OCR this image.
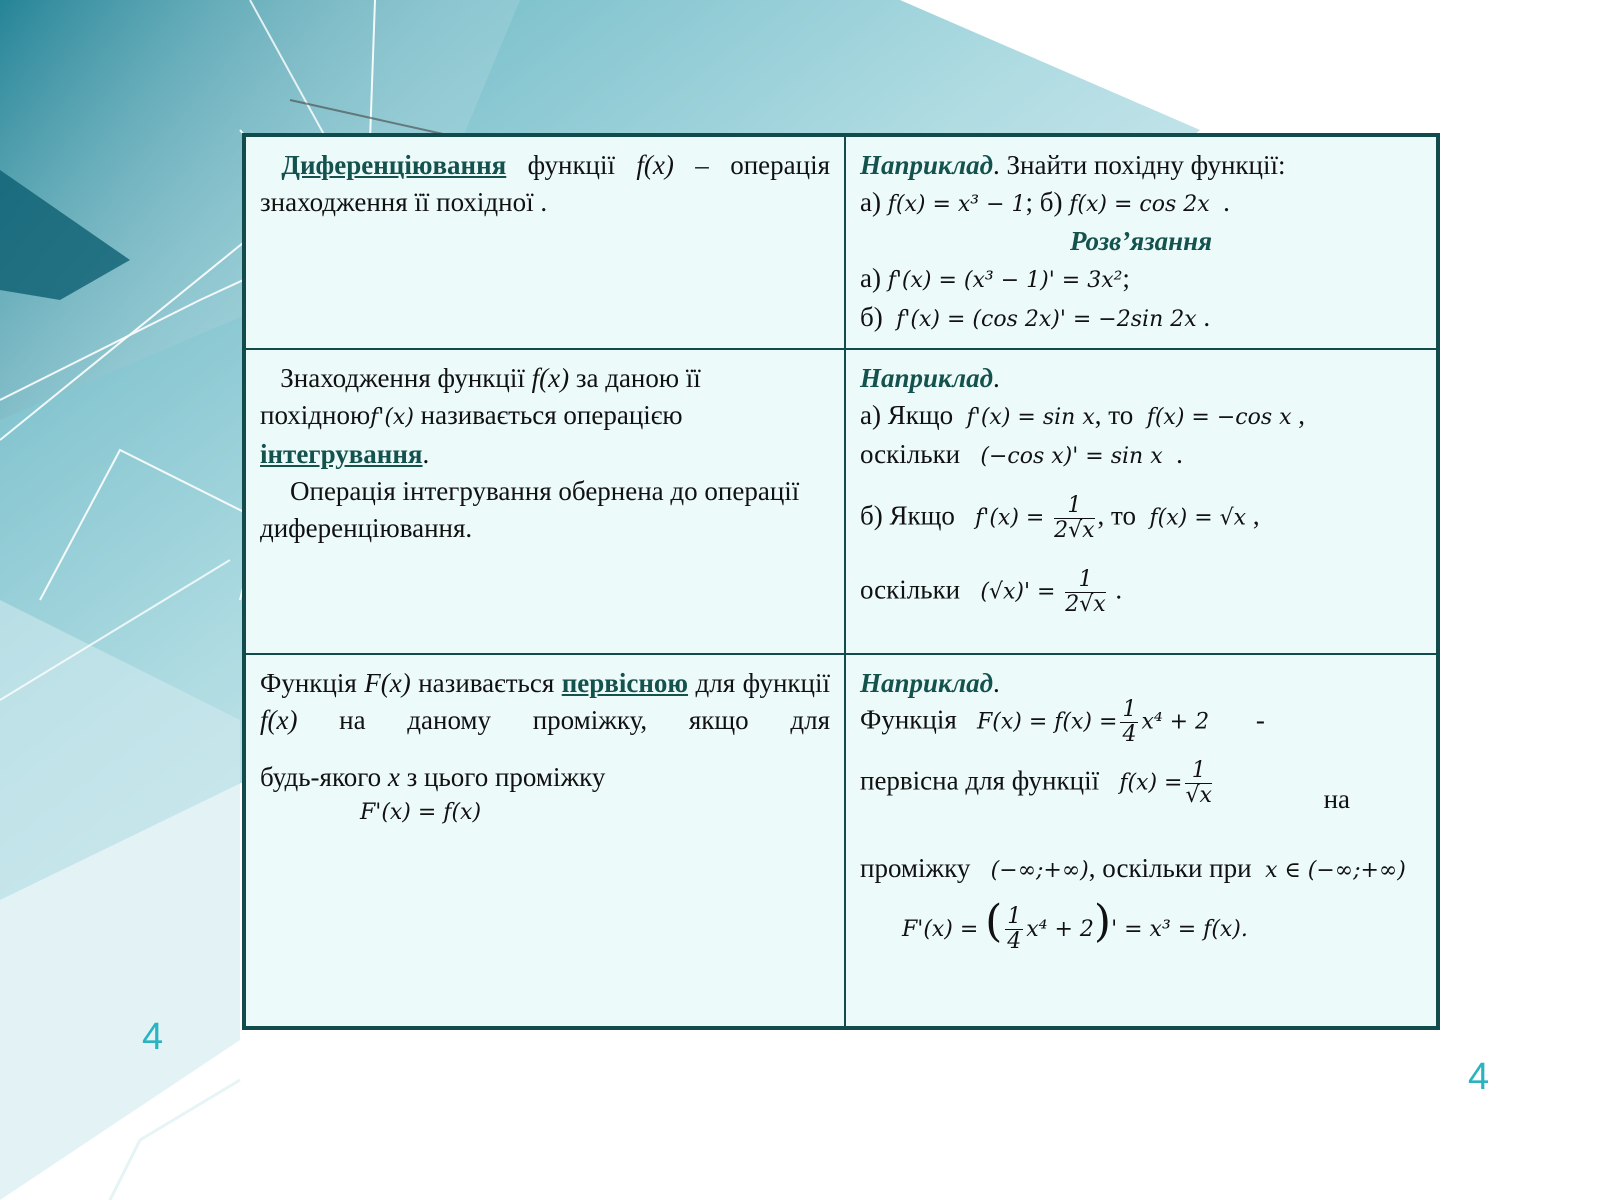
4
4
Диференціювання функції f(x) – операція знаходження її похідної .
Наприклад. Знайти похідну функції:
а) f(x) = x³ − 1; б) f(x) = cos 2x .
Розв’язання
а) f'(x) = (x³ − 1)' = 3x²;
б) f'(x) = (cos 2x)' = −2sin 2x .
Знаходження функції f(x) за даною її
похідноюf'(x) називається операцією
інтегрування.
Операція інтегрування обернена до операції диференціювання.
Наприклад.
а) Якщо f'(x) = sin x, то f(x) = −cos x ,
оскільки (−cos x)' = sin x .
б) Якщо $f'(x) = \frac{1}{2√x}$ , то f(x) = √x ,
оскільки $(√x)' = \frac{1}{2√x}$ .
Функція F(x) називається первісною для функції f(x) на даному проміжку, якщо для
будь-якого x з цього проміжку
F'(x) = f(x)
Наприклад.
Функція $F(x) = f(x) = \frac{1}{4} x^4 + 2$ -
первісна для функції $f(x) = \frac{1}{√x}$	на
проміжку (−∞;+∞), оскільки при x ∈ (−∞;+∞)
F'(x) = ( $\frac{1}{4} x^4 + 2)' = x^3 = f(x)$.
